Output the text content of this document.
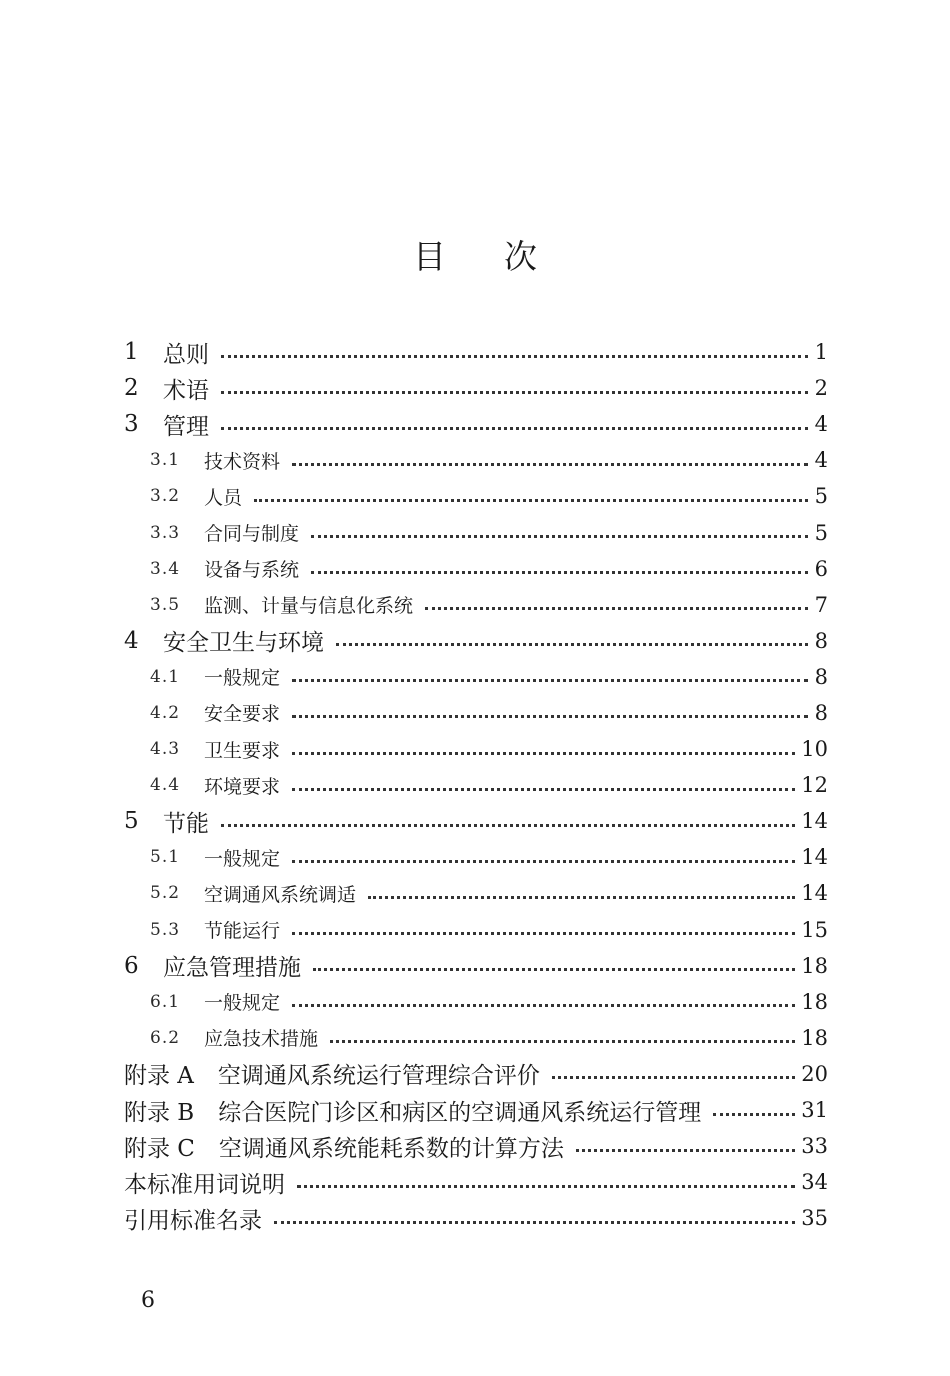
目 次
1	总则	1
2	术语	2
3	管理	4
3.1	技术资料	4
3.2	人员	5
3.3	合同与制度	5
3.4	设备与系统	6
3.5	监测、计量与信息化系统	7
4	安全卫生与环境	8
4.1	一般规定	8
4.2	安全要求	8
4.3	卫生要求	10
4.4	环境要求	12
5	节能	14
5.1	一般规定	14
5.2	空调通风系统调适	14
5.3	节能运行	15
6	应急管理措施	18
6.1	一般规定	18
6.2	应急技术措施	18
附录 A 空调通风系统运行管理综合评价	20
附录 B 综合医院门诊区和病区的空调通风系统运行管理	31
附录 C 空调通风系统能耗系数的计算方法	33
本标准用词说明	34
引用标准名录	35
6
